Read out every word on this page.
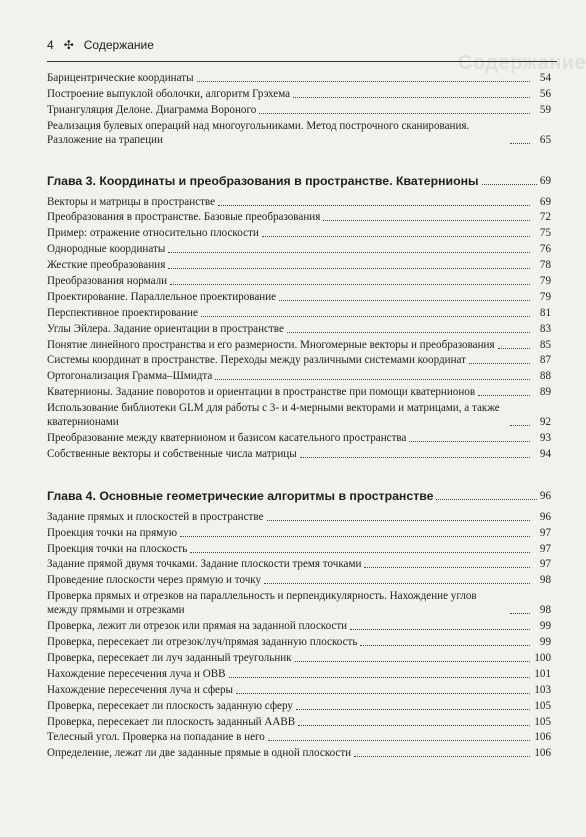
Содержание
4 ✣ Содержание
Барицентрические координаты	54
Построение выпуклой оболочки, алгоритм Грэхема	56
Триангуляция Делоне. Диаграмма Вороного	59
Реализация булевых операций над многоугольниками. Метод построчного сканирования. Разложение на трапеции	65
Глава 3. Координаты и преобразования в пространстве. Кватернионы	69
Векторы и матрицы в пространстве	69
Преобразования в пространстве. Базовые преобразования	72
Пример: отражение относительно плоскости	75
Однородные координаты	76
Жесткие преобразования	78
Преобразования нормали	79
Проектирование. Параллельное проектирование	79
Перспективное проектирование	81
Углы Эйлера. Задание ориентации в пространстве	83
Понятие линейного пространства и его размерности. Многомерные векторы и преобразования	85
Системы координат в пространстве. Переходы между различными системами координат	87
Ортогонализация Грамма–Шмидта	88
Кватернионы. Задание поворотов и ориентации в пространстве при помощи кватернионов	89
Использование библиотеки GLM для работы с 3- и 4-мерными векторами и матрицами, а также кватернионами	92
Преобразование между кватернионом и базисом касательного пространства	93
Собственные векторы и собственные числа матрицы	94
Глава 4. Основные геометрические алгоритмы в пространстве	96
Задание прямых и плоскостей в пространстве	96
Проекция точки на прямую	97
Проекция точки на плоскость	97
Задание прямой двумя точками. Задание плоскости тремя точками	97
Проведение плоскости через прямую и точку	98
Проверка прямых и отрезков на параллельность и перпендикулярность. Нахождение углов между прямыми и отрезками	98
Проверка, лежит ли отрезок или прямая на заданной плоскости	99
Проверка, пересекает ли отрезок/луч/прямая заданную плоскость	99
Проверка, пересекает ли луч заданный треугольник	100
Нахождение пересечения луча и ОВВ	101
Нахождение пересечения луча и сферы	103
Проверка, пересекает ли плоскость заданную сферу	105
Проверка, пересекает ли плоскость заданный ААВВ	105
Телесный угол. Проверка на попадание в него	106
Определение, лежат ли две заданные прямые в одной плоскости	106
